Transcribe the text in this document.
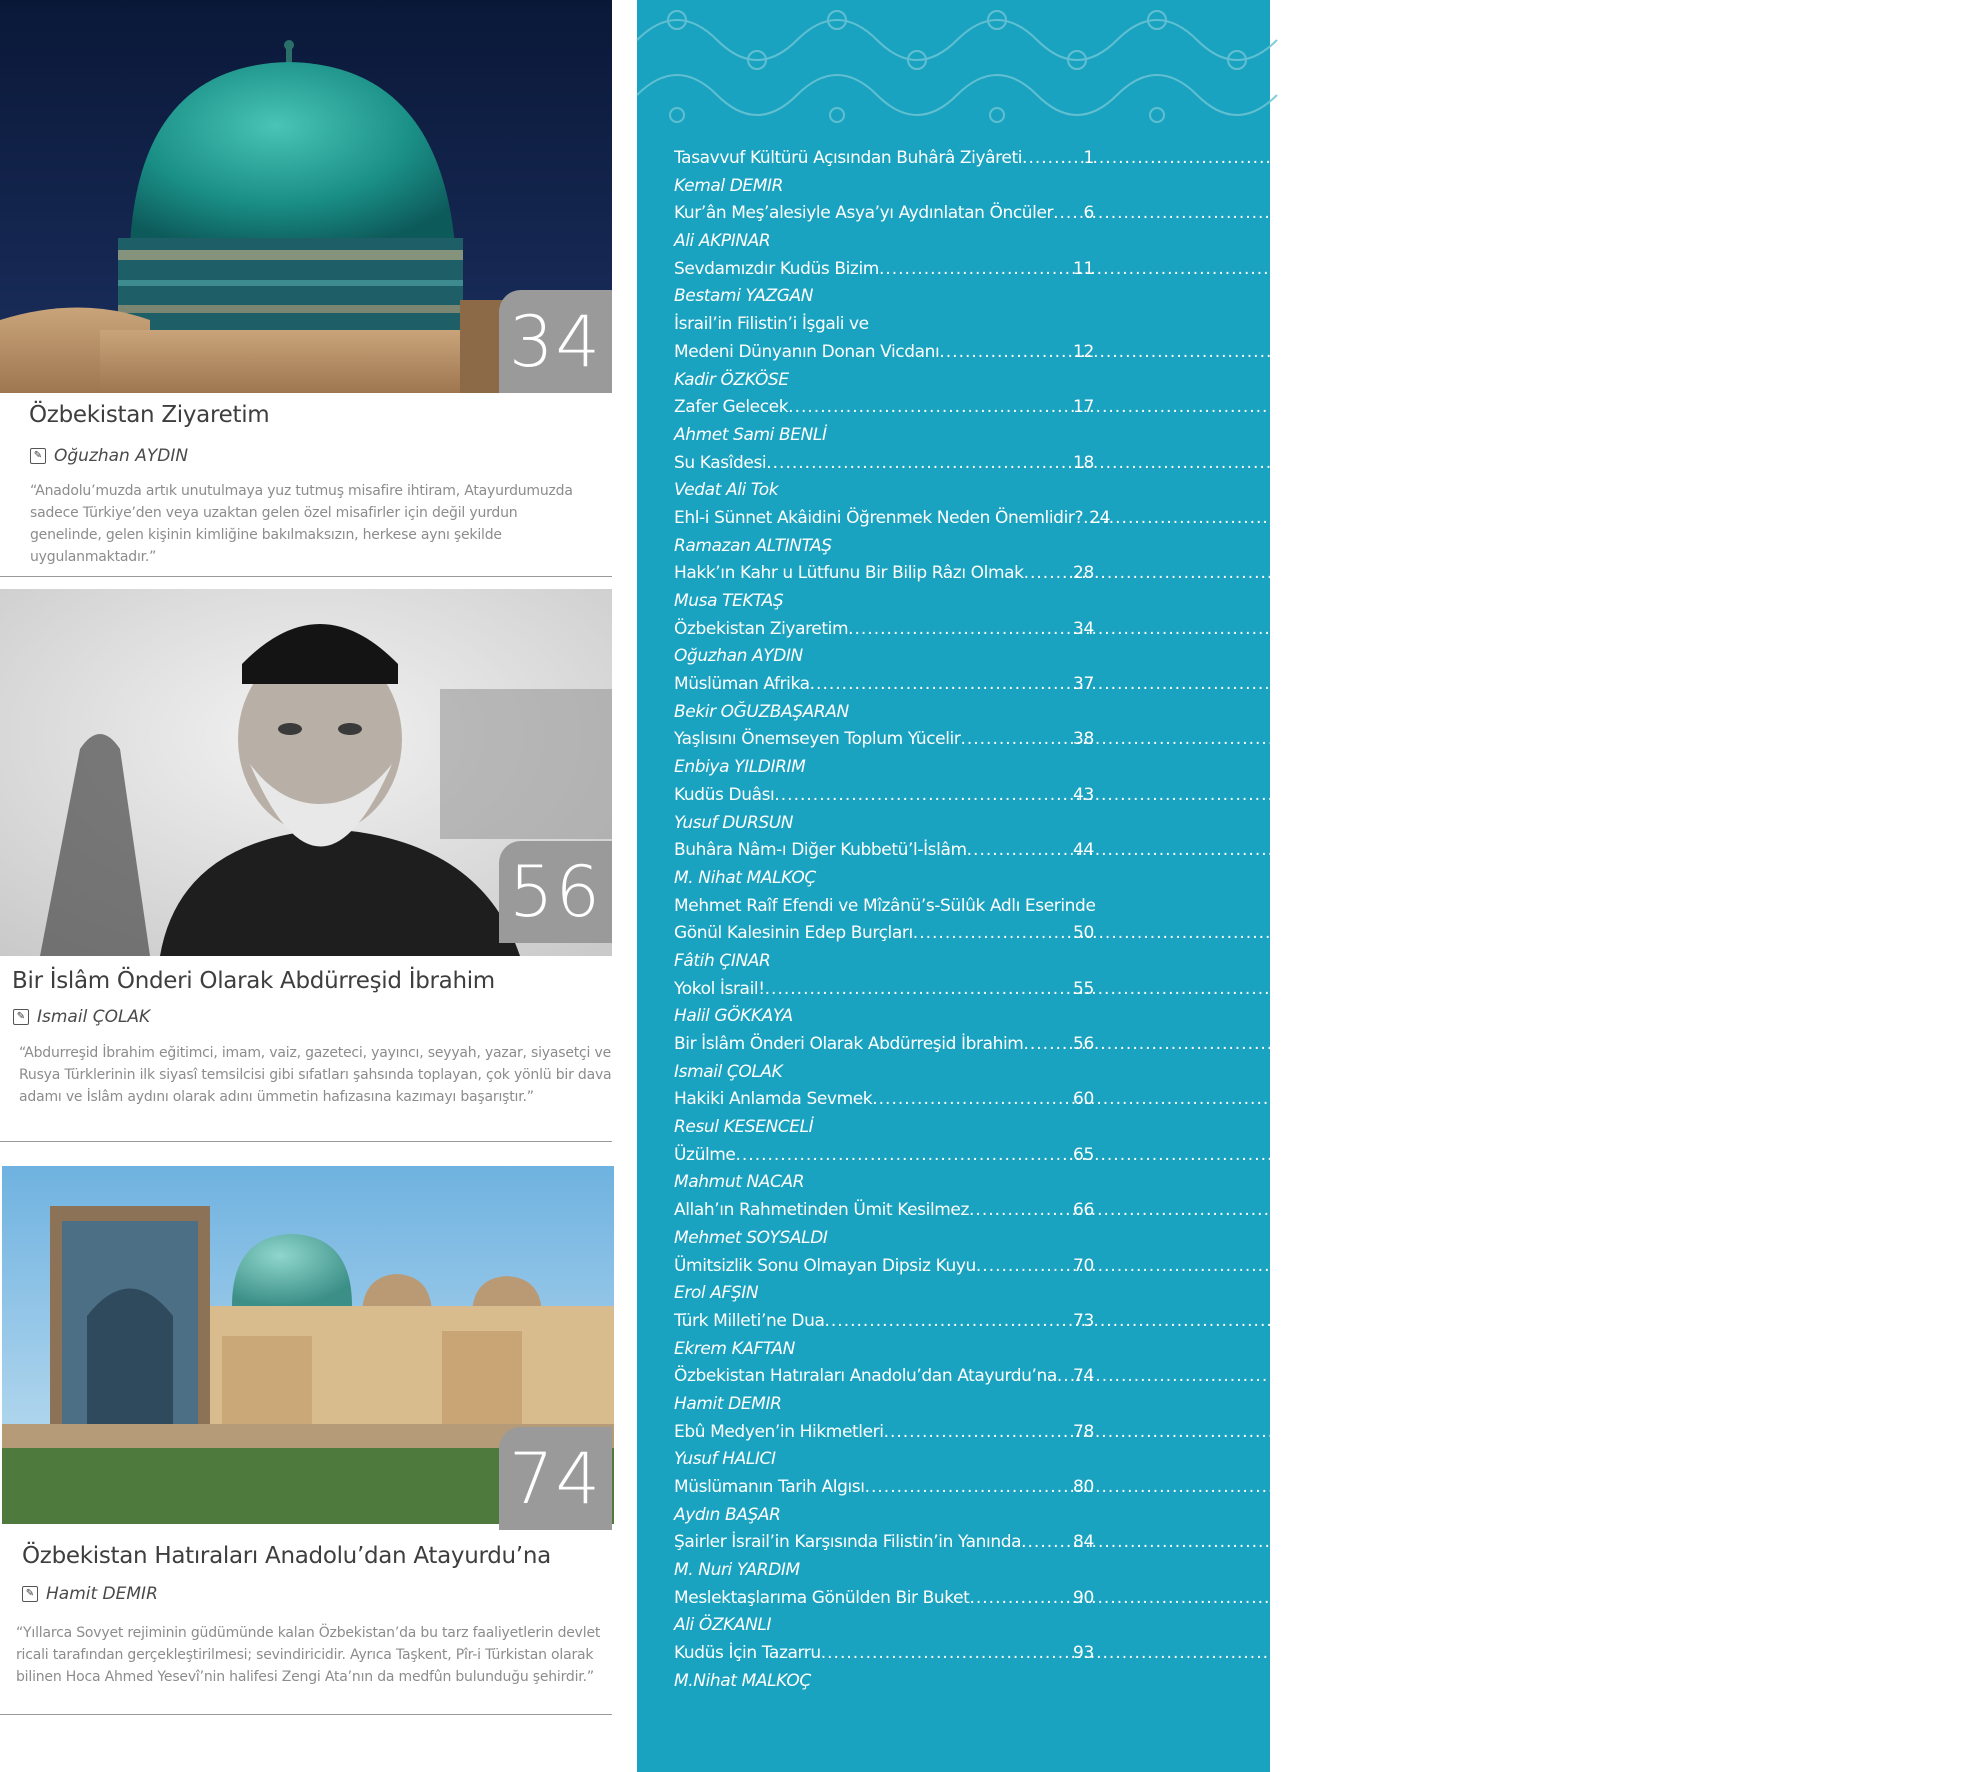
34
Özbekistan Ziyaretim
✎ Oğuzhan AYDIN
“Anadolu’muzda artık unutulmaya yuz tutmuş misafire ihtiram, Atayurdumuzda sadece Türkiye’den veya uzaktan gelen özel misafirler için değil yurdun genelinde, gelen kişinin kimliğine bakılmaksızın, herkese aynı şekilde uygulanmaktadır.”
56
Bir İslâm Önderi Olarak Abdürreşid İbrahim
✎ Ismail ÇOLAK
“Abdurreşid İbrahim eğitimci, imam, vaiz, gazeteci, yayıncı, seyyah, yazar, siyasetçi ve Rusya Türklerinin ilk siyasî temsilcisi gibi sıfatları şahsında toplayan, çok yönlü bir dava adamı ve İslâm aydını olarak adını ümmetin hafızasına kazımayı başarıştır.”
74
Özbekistan Hatıraları Anadolu’dan Atayurdu’na
✎ Hamit DEMIR
“Yıllarca Sovyet rejiminin güdümünde kalan Özbekistan’da bu tarz faaliyetlerin devlet ricali tarafından gerçekleştirilmesi; sevindiricidir. Ayrıca Taşkent, Pîr-i Türkistan olarak bilinen Hoca Ahmed Yesevî’nin halifesi Zengi Ata’nın da medfûn bulunduğu şehirdir.”
Tasavvuf Kültürü Açısından Buhârâ Ziyâreti .....	1
Kemal DEMIR
Kur’ân Meş’alesiyle Asya’yı Aydınlatan Öncüler ..... 6
Ali AKPINAR
Sevdamızdır Kudüs Bizim .....	11
Bestami YAZGAN
İsrail’in Filistin’i İşgali ve
Medeni Dünyanın Donan Vicdanı .....	12
Kadir ÖZKÖSE
Zafer Gelecek .....	17
Ahmet Sami BENLİ
Su Kasîdesi .....	18
Vedat Ali Tok
Ehl-i Sünnet Akâidini Öğrenmek Neden Önemlidir? ..... 24
Ramazan ALTINTAŞ
Hakk’ın Kahr u Lütfunu Bir Bilip Râzı Olmak .....	28
Musa TEKTAŞ
Özbekistan Ziyaretim .....	34
Oğuzhan AYDIN
Müslüman Afrika .....	37
Bekir OĞUZBAŞARAN
Yaşlısını Önemseyen Toplum Yücelir .....	38
Enbiya YILDIRIM
Kudüs Duâsı .....	43
Yusuf DURSUN
Buhâra Nâm-ı Diğer Kubbetü’l-İslâm .....	44
M. Nihat MALKOÇ
Mehmet Raîf Efendi ve Mîzânü’s-Sülûk Adlı Eserinde
Gönül Kalesinin Edep Burçları .....	50
Fâtih ÇINAR
Yokol İsrail! .....	55
Halil GÖKKAYA
Bir İslâm Önderi Olarak Abdürreşid İbrahim .....	56
Ismail ÇOLAK
Hakiki Anlamda Sevmek .....	60
Resul KESENCELİ
Üzülme .....	65
Mahmut NACAR
Allah’ın Rahmetinden Ümit Kesilmez .....	66
Mehmet SOYSALDI
Ümitsizlik Sonu Olmayan Dipsiz Kuyu .....	70
Erol AFŞIN
Türk Milleti’ne Dua .....	73
Ekrem KAFTAN
Özbekistan Hatıraları Anadolu’dan Atayurdu’na ..... 74
Hamit DEMIR
Ebû Medyen’in Hikmetleri .....	78
Yusuf HALICI
Müslümanın Tarih Algısı .....	80
Aydın BAŞAR
Şairler İsrail’in Karşısında Filistin’in Yanında .....	84
M. Nuri YARDIM
Meslektaşlarıma Gönülden Bir Buket .....	90
Ali ÖZKANLI
Kudüs İçin Tazarru .....	93
M.Nihat MALKOÇ
